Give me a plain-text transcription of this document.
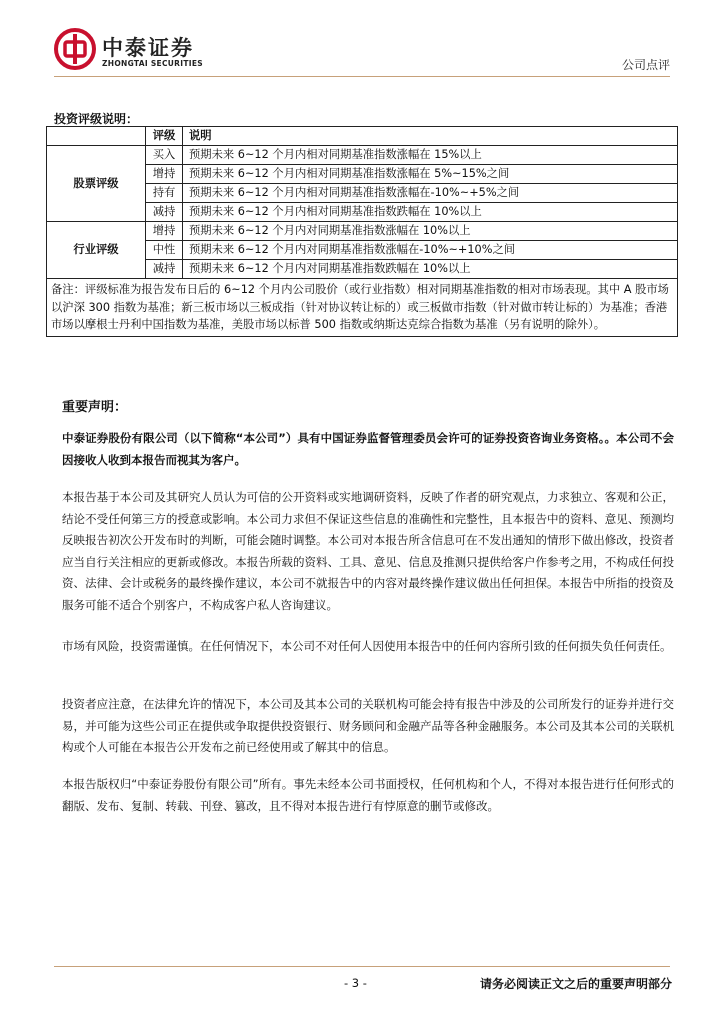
中泰证券
ZHONGTAI SECURITIES	公司点评
投资评级说明：
	评级	说明
股票评级	买入	预期未来 6~12 个月内相对同期基准指数涨幅在 15%以上
	增持	预期未来 6~12 个月内相对同期基准指数涨幅在 5%~15%之间
	持有	预期未来 6~12 个月内相对同期基准指数涨幅在-10%~+5%之间
	减持	预期未来 6~12 个月内相对同期基准指数跌幅在 10%以上
行业评级	增持	预期未来 6~12 个月内对同期基准指数涨幅在 10%以上
	中性	预期未来 6~12 个月内对同期基准指数涨幅在-10%~+10%之间
	减持	预期未来 6~12 个月内对同期基准指数跌幅在 10%以上
备注：评级标准为报告发布日后的 6~12 个月内公司股价（或行业指数）相对同期基准指数的相对市场表现。其中 A 股市场以沪深 300 指数为基准；新三板市场以三板成指（针对协议转让标的）或三板做市指数（针对做市转让标的）为基准；香港市场以摩根士丹利中国指数为基准，美股市场以标普 500 指数或纳斯达克综合指数为基准（另有说明的除外）。		
重要声明：
中泰证券股份有限公司（以下简称“本公司”）具有中国证券监督管理委员会许可的证券投资咨询业务资格。。本公司不会因接收人收到本报告而视其为客户。
本报告基于本公司及其研究人员认为可信的公开资料或实地调研资料，反映了作者的研究观点，力求独立、客观和公正，结论不受任何第三方的授意或影响。本公司力求但不保证这些信息的准确性和完整性，且本报告中的资料、意见、预测均反映报告初次公开发布时的判断，可能会随时调整。本公司对本报告所含信息可在不发出通知的情形下做出修改，投资者应当自行关注相应的更新或修改。本报告所载的资料、工具、意见、信息及推测只提供给客户作参考之用，不构成任何投资、法律、会计或税务的最终操作建议，本公司不就报告中的内容对最终操作建议做出任何担保。本报告中所指的投资及服务可能不适合个别客户，不构成客户私人咨询建议。
市场有风险，投资需谨慎。在任何情况下，本公司不对任何人因使用本报告中的任何内容所引致的任何损失负任何责任。
投资者应注意，在法律允许的情况下，本公司及其本公司的关联机构可能会持有报告中涉及的公司所发行的证券并进行交易，并可能为这些公司正在提供或争取提供投资银行、财务顾问和金融产品等各种金融服务。本公司及其本公司的关联机构或个人可能在本报告公开发布之前已经使用或了解其中的信息。
本报告版权归“中泰证券股份有限公司”所有。事先未经本公司书面授权，任何机构和个人，不得对本报告进行任何形式的翻版、发布、复制、转载、刊登、篡改，且不得对本报告进行有悖原意的删节或修改。
- 3 -	请务必阅读正文之后的重要声明部分
